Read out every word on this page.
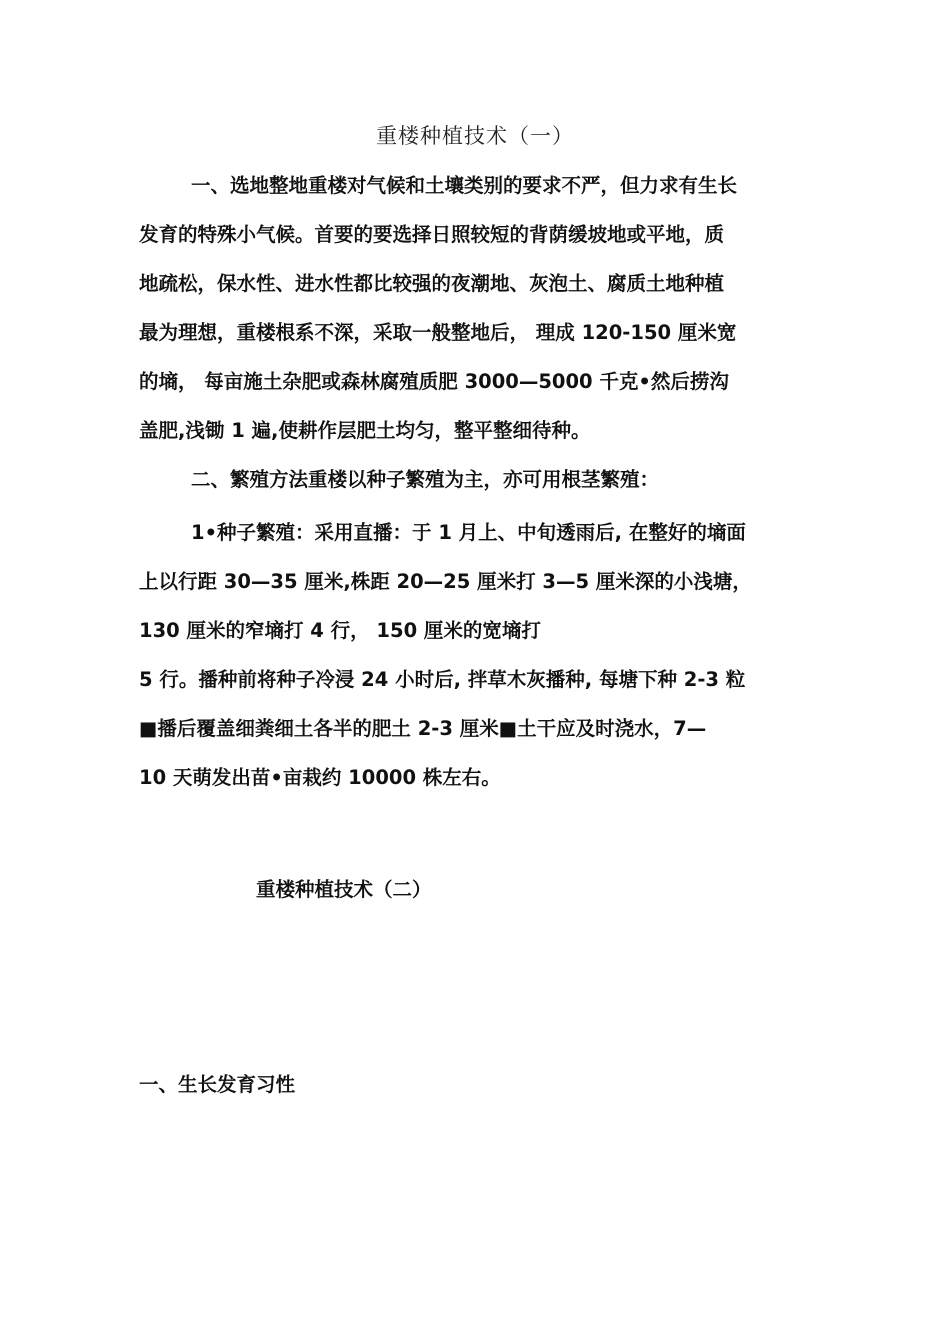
重楼种植技术（一）
一、选地整地重楼对气候和土壤类别的要求不严，但力求有生长
发育的特殊小气候。首要的要选择日照较短的背荫缓坡地或平地，质
地疏松，保水性、进水性都比较强的夜潮地、灰泡土、腐质土地种植
最为理想，重楼根系不深，采取一般整地后， 理成 120-150 厘米宽
的墒， 每亩施土杂肥或森林腐殖质肥 3000—5000 千克•然后捞沟
盖肥,浅锄 1 遍,使耕作层肥土均匀，整平整细待种。
二、繁殖方法重楼以种子繁殖为主，亦可用根茎繁殖：
1•种子繁殖：采用直播：于 1 月上、中旬透雨后, 在整好的墒面
上以行距 30—35 厘米,株距 20—25 厘米打 3—5 厘米深的小浅塘，
130 厘米的窄墒打 4 行， 150 厘米的宽墒打
5 行。播种前将种子冷浸 24 小时后, 拌草木灰播种, 每塘下种 2-3 粒
■播后覆盖细粪细土各半的肥土 2-3 厘米■土干应及时浇水，7—
10 天萌发出苗•亩栽约 10000 株左右。
重楼种植技术（二）
一、生长发育习性
